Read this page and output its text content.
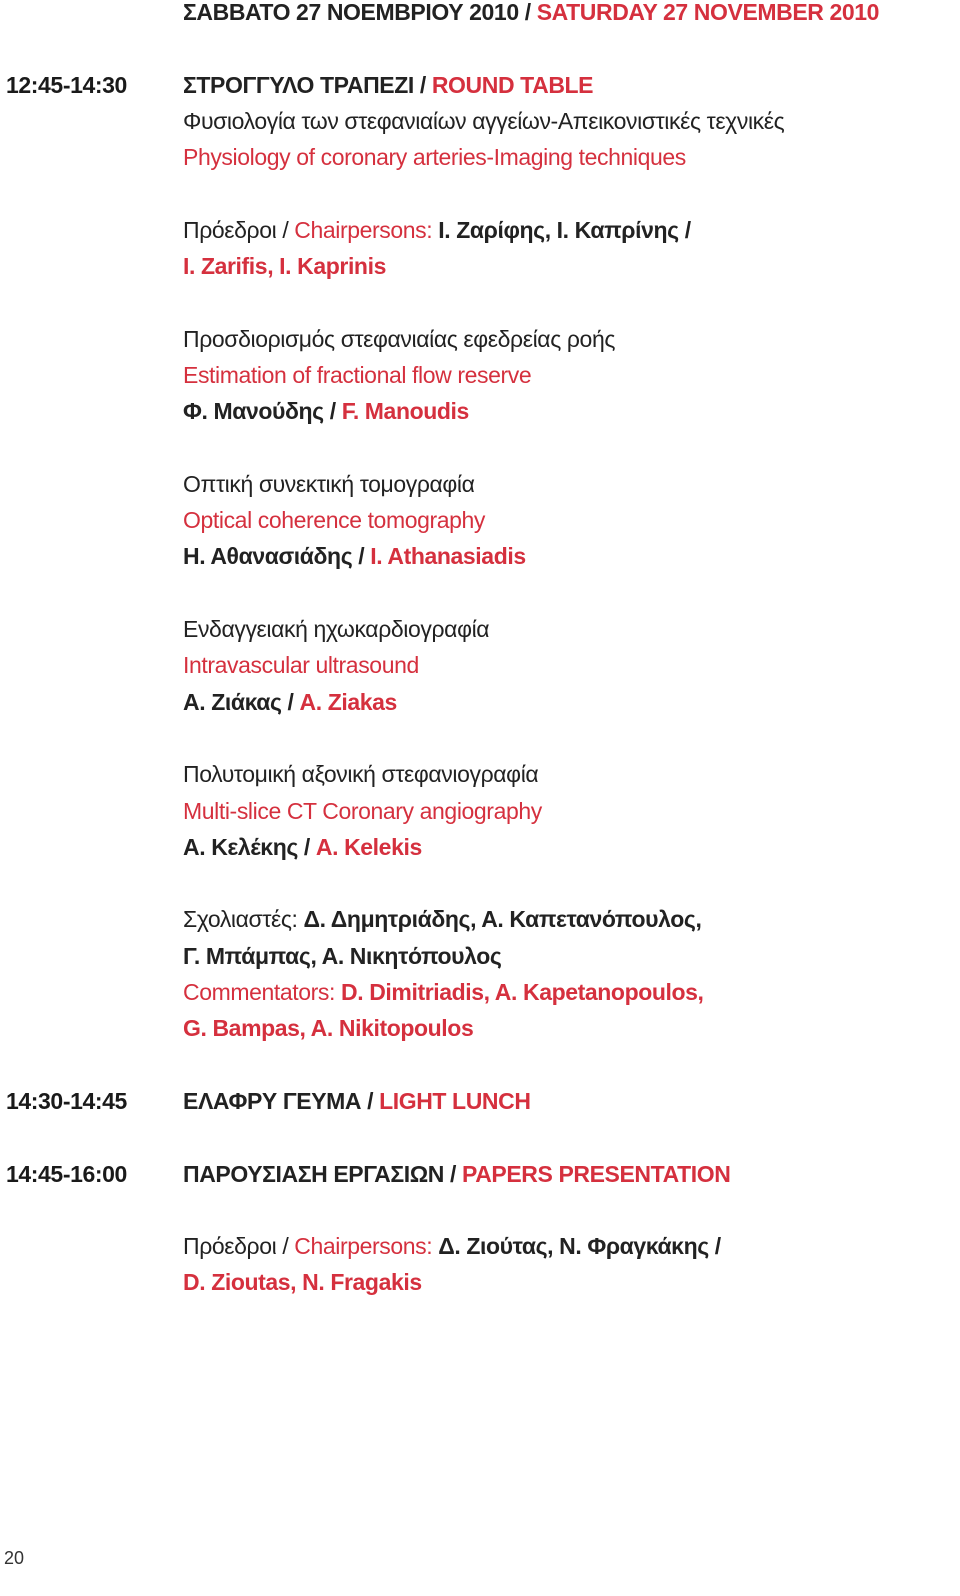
ΣΑΒΒΑΤΟ 27 ΝΟΕΜΒΡΙΟΥ 2010 / SATURDAY 27 NOVEMBER 2010
12:45-14:30 ΣΤΡΟΓΓΥΛΟ ΤΡΑΠΕΖΙ / ROUND TABLE
Φυσιολογία των στεφανιαίων αγγείων-Απεικονιστικές τεχνικές
Physiology of coronary arteries-Imaging techniques
Πρόεδροι / Chairpersons: Ι. Ζαρίφης, Ι. Καπρίνης /
I. Zarifis, I. Kaprinis
Προσδιορισμός στεφανιαίας εφεδρείας ροής
Estimation of fractional flow reserve
Φ. Μανούδης / F. Manoudis
Οπτική συνεκτική τομογραφία
Optical coherence tomography
Η. Αθανασιάδης / I. Athanasiadis
Ενδαγγειακή ηχωκαρδιογραφία
Intravascular ultrasound
Α. Ζιάκας / A. Ziakas
Πολυτομική αξονική στεφανιογραφία
Multi-slice CT Coronary angiography
Α. Κελέκης / A. Kelekis
Σχολιαστές: Δ. Δημητριάδης, Α. Καπετανόπουλος,
Γ. Μπάμπας, Α. Νικητόπουλος
Commentators: D. Dimitriadis, A. Kapetanopoulos,
G. Bampas, A. Nikitopoulos
14:30-14:45 ΕΛΑΦΡΥ ΓΕΥΜΑ / LIGHT LUNCH
14:45-16:00 ΠΑΡΟΥΣΙΑΣΗ ΕΡΓΑΣΙΩΝ / PAPERS PRESENTATION
Πρόεδροι / Chairpersons: Δ. Ζιούτας, Ν. Φραγκάκης /
D. Zioutas, N. Fragakis
20
